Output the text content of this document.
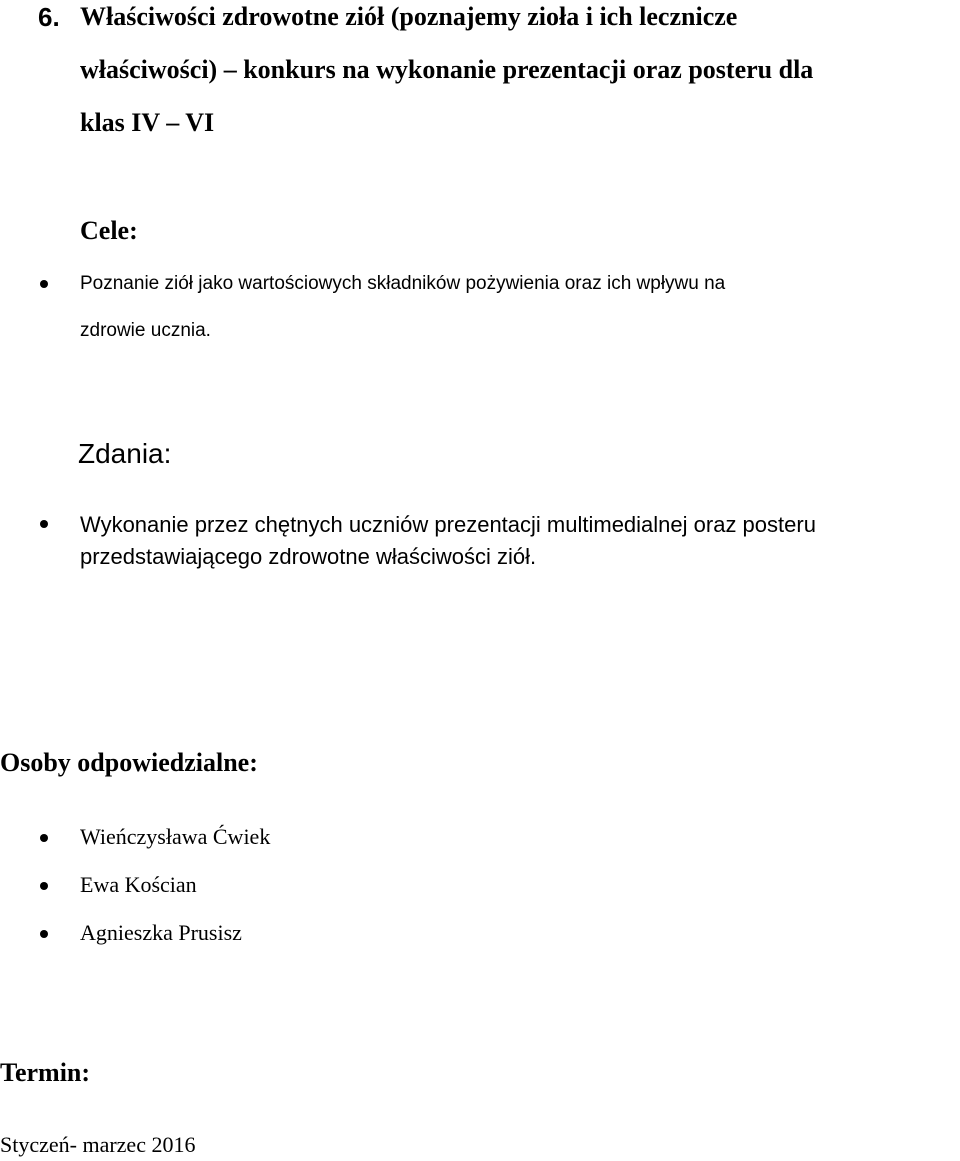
6. Właściwości zdrowotne ziół (poznajemy zioła i ich lecznicze
właściwości) – konkurs na wykonanie prezentacji oraz posteru dla
klas IV – VI
Cele:
Poznanie ziół jako wartościowych składników pożywienia oraz ich wpływu na
zdrowie ucznia.
Zdania:
Wykonanie przez chętnych uczniów prezentacji multimedialnej oraz posteru
przedstawiającego zdrowotne właściwości ziół.
Osoby odpowiedzialne:
Wieńczysława Ćwiek
Ewa Kościan
Agnieszka Prusisz
Termin:
Styczeń- marzec 2016
